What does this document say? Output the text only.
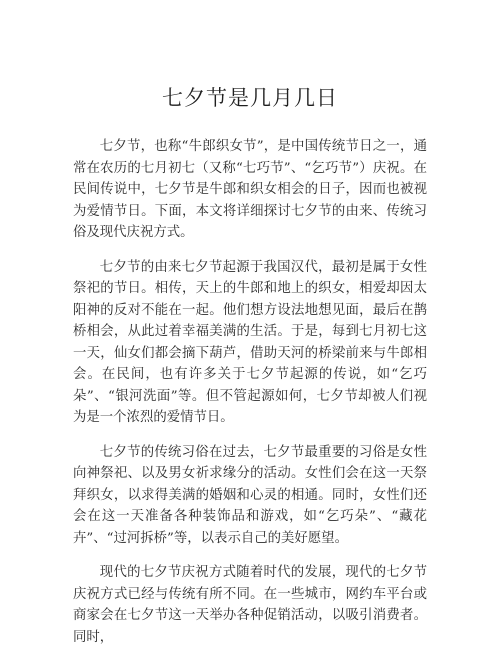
七夕节是几月几日

七夕节，也称“牛郎织女节”，是中国传统节日之一，通常在农历的七月初七（又称“七巧节”、“乞巧节”）庆祝。在民间传说中，七夕节是牛郎和织女相会的日子，因而也被视为爱情节日。下面，本文将详细探讨七夕节的由来、传统习俗及现代庆祝方式。

七夕节的由来七夕节起源于我国汉代，最初是属于女性祭祀的节日。相传，天上的牛郎和地上的织女，相爱却因太阳神的反对不能在一起。他们想方设法地想见面，最后在鹊桥相会，从此过着幸福美满的生活。于是，每到七月初七这一天，仙女们都会摘下葫芦，借助天河的桥梁前来与牛郎相会。在民间，也有许多关于七夕节起源的传说，如“乞巧朵”、“银河洗面”等。但不管起源如何，七夕节却被人们视为是一个浓烈的爱情节日。

七夕节的传统习俗在过去，七夕节最重要的习俗是女性向神祭祀、以及男女祈求缘分的活动。女性们会在这一天祭拜织女，以求得美满的婚姻和心灵的相通。同时，女性们还会在这一天准备各种装饰品和游戏，如“乞巧朵”、“藏花卉”、“过河拆桥”等，以表示自己的美好愿望。

现代的七夕节庆祝方式随着时代的发展，现代的七夕节庆祝方式已经与传统有所不同。在一些城市，网约车平台或商家会在七夕节这一天举办各种促销活动，以吸引消费者。同时，
